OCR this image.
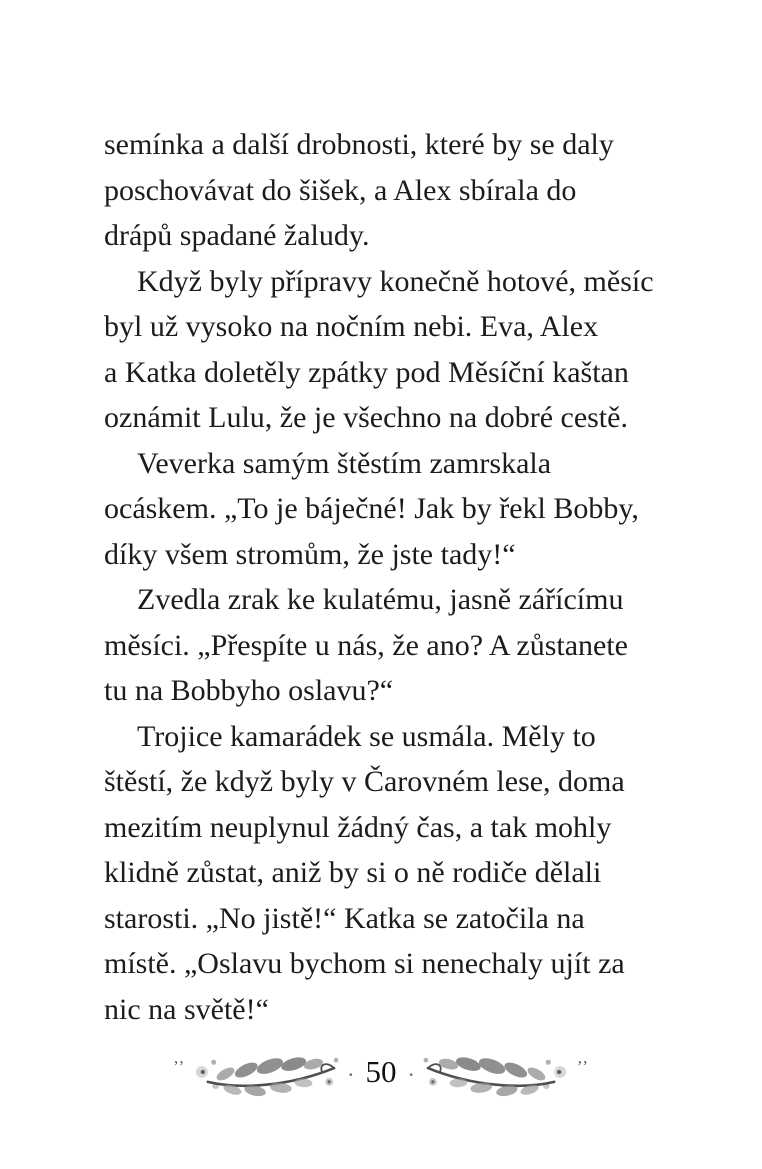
semínka a další drobnosti, které by se daly
poschovávat do šišek, a Alex sbírala do
drápů spadané žaludy.
Když byly přípravy konečně hotové, měsíc
byl už vysoko na nočním nebi. Eva, Alex
a Katka doletěly zpátky pod Měsíční kaštan
oznámit Lulu, že je všechno na dobré cestě.
Veverka samým štěstím zamrskala
ocáskem. „To je báječné! Jak by řekl Bobby,
díky všem stromům, že jste tady!“
Zvedla zrak ke kulatému, jasně zářícímu
měsíci. „Přespíte u nás, že ano? A zůstanete
tu na Bobbyho oslavu?“
Trojice kamarádek se usmála. Měly to
štěstí, že když byly v Čarovném lese, doma
mezitím neuplynul žádný čas, a tak mohly
klidně zůstat, aniž by si o ně rodiče dělali
starosti. „No jistě!“ Katka se zatočila na
místě. „Oslavu bychom si nenechaly ujít za
nic na světě!“
’’	· 50 ·	’’
